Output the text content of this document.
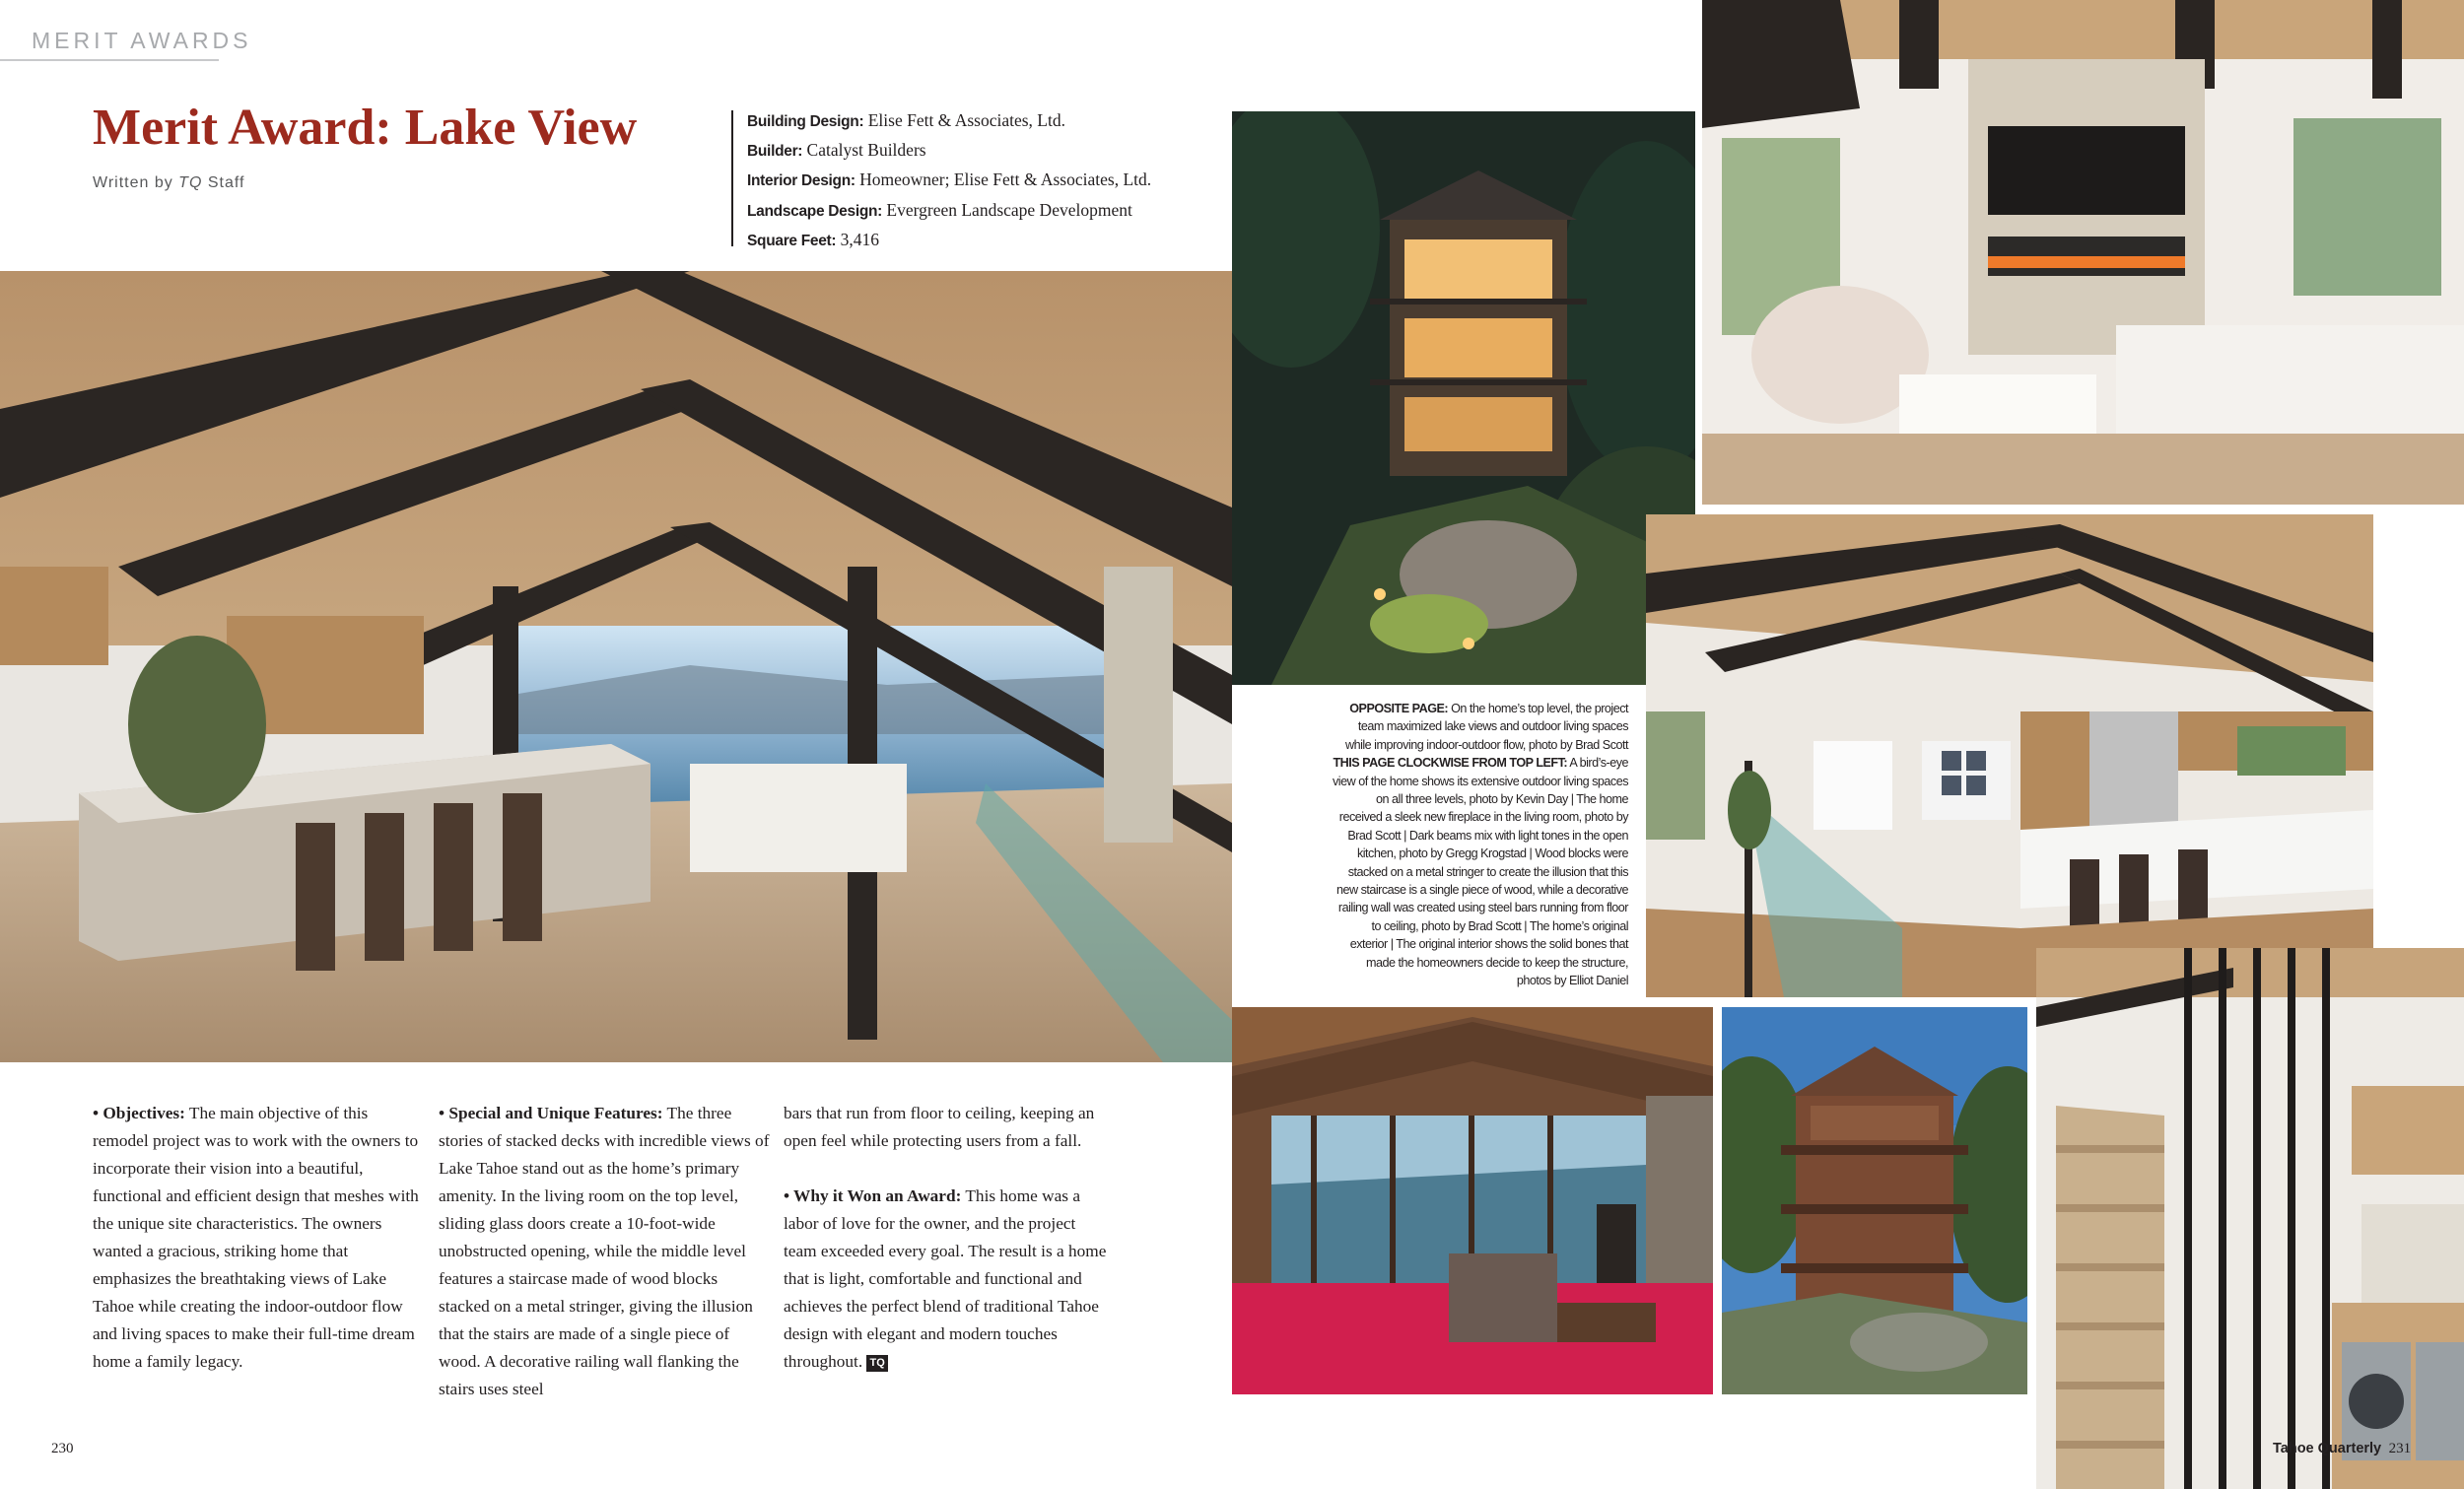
MERIT AWARDS
Merit Award: Lake View
Written by TQ Staff
Building Design: Elise Fett & Associates, Ltd.
Builder: Catalyst Builders
Interior Design: Homeowner; Elise Fett & Associates, Ltd.
Landscape Design: Evergreen Landscape Development
Square Feet: 3,416

• Objectives: The main objective of this remodel project was to work with the owners to incorporate their vision into a beautiful, functional and efficient design that meshes with the unique site characteristics. The owners wanted a gracious, striking home that emphasizes the breathtaking views of Lake Tahoe while creating the indoor-outdoor flow and living spaces to make their full-time dream home a family legacy.

• Special and Unique Features: The three stories of stacked decks with incredible views of Lake Tahoe stand out as the home’s primary amenity. In the living room on the top level, sliding glass doors create a 10-foot-wide unobstructed opening, while the middle level features a staircase made of wood blocks stacked on a metal stringer, giving the illusion that the stairs are made of a single piece of wood. A decorative railing wall flanking the stairs uses steel

bars that run from floor to ceiling, keeping an open feel while protecting users from a fall.

• Why it Won an Award: This home was a labor of love for the owner, and the project team exceeded every goal. The result is a home that is light, comfortable and functional and achieves the perfect blend of traditional Tahoe design with elegant and modern touches throughout. TQ

OPPOSITE PAGE: On the home’s top level, the project team maximized lake views and outdoor living spaces while improving indoor-outdoor flow, photo by Brad Scott THIS PAGE CLOCKWISE FROM TOP LEFT: A bird’s-eye view of the home shows its extensive outdoor living spaces on all three levels, photo by Kevin Day | The home received a sleek new fireplace in the living room, photo by Brad Scott | Dark beams mix with light tones in the open kitchen, photo by Gregg Krogstad | Wood blocks were stacked on a metal stringer to create the illusion that this new staircase is a single piece of wood, while a decorative railing wall was created using steel bars running from floor to ceiling, photo by Brad Scott | The home’s original exterior | The original interior shows the solid bones that made the homeowners decide to keep the structure, photos by Elliot Daniel
230	Tahoe Quarterly 231
